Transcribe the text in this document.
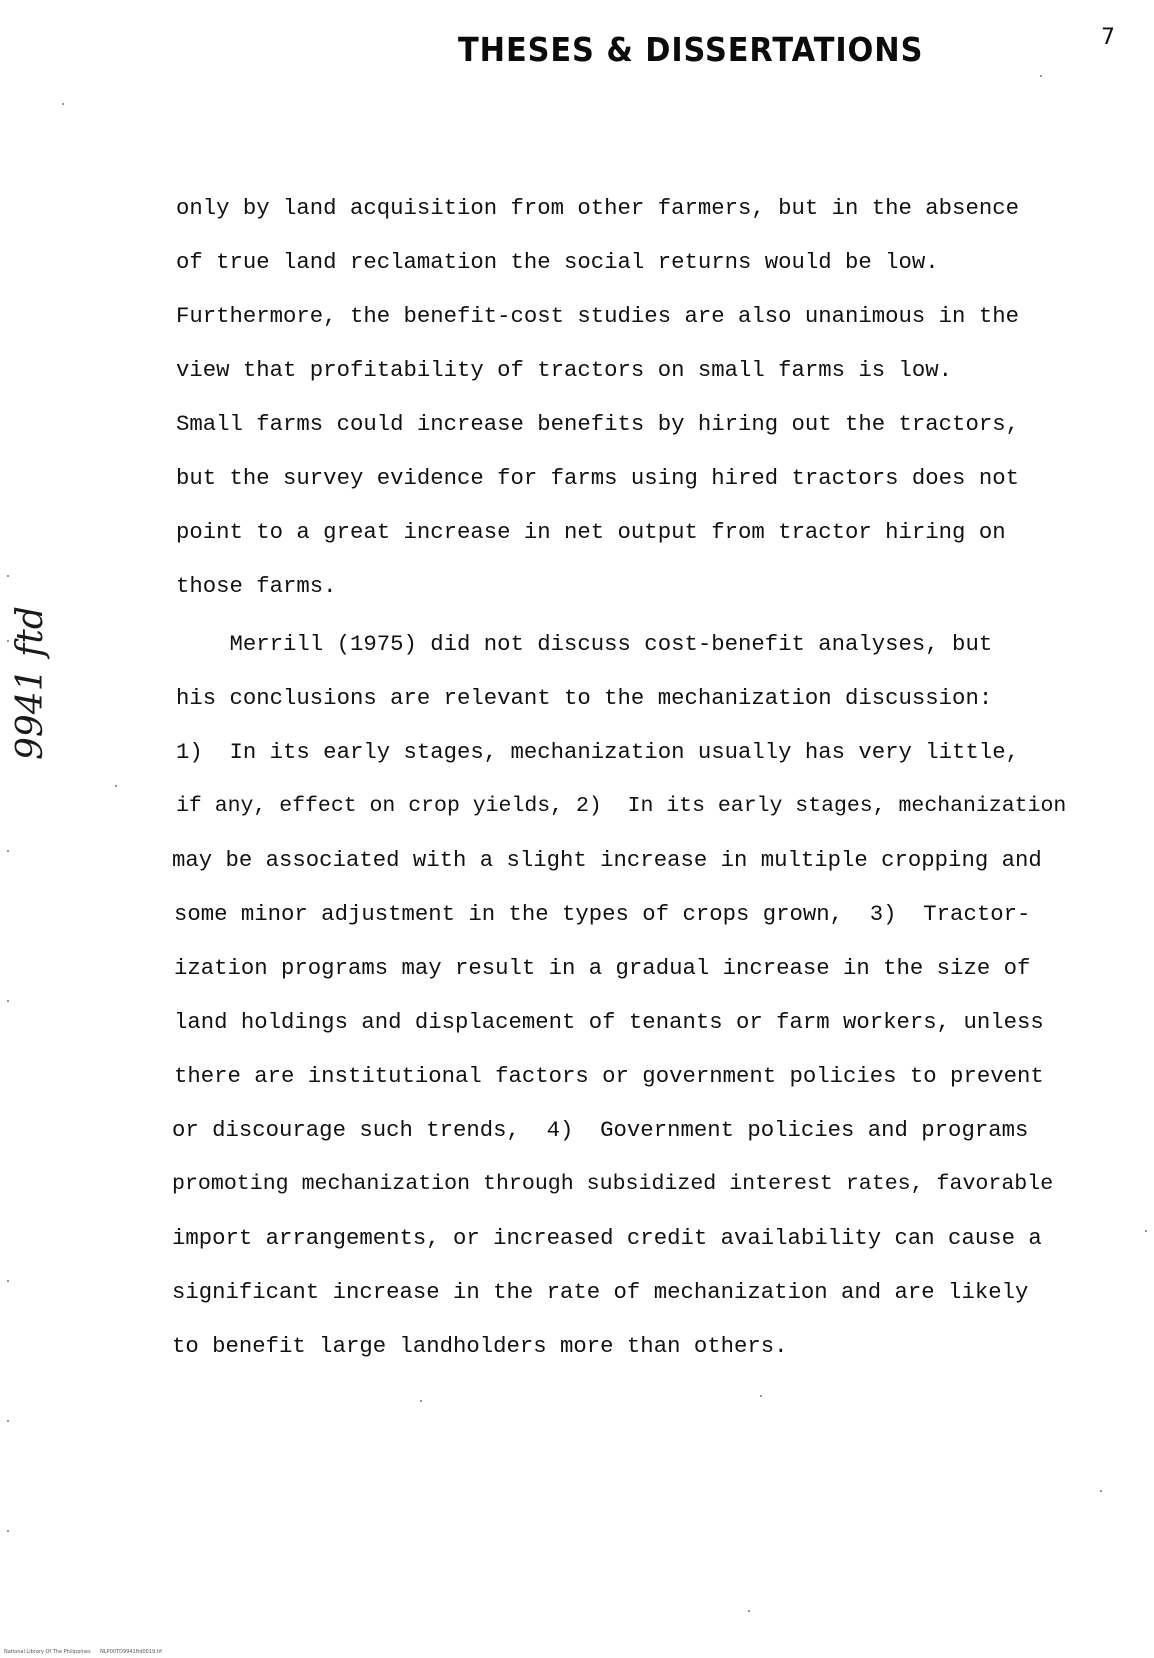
THESES & DISSERTATIONS	7
9941 ftd
only by land acquisition from other farmers, but in the absence
of true land reclamation the social returns would be low.
Furthermore, the benefit-cost studies are also unanimous in the
view that profitability of tractors on small farms is low.
Small farms could increase benefits by hiring out the tractors,
but the survey evidence for farms using hired tractors does not
point to a great increase in net output from tractor hiring on
those farms.
Merrill (1975) did not discuss cost-benefit analyses, but
his conclusions are relevant to the mechanization discussion:
1)  In its early stages, mechanization usually has very little,
if any, effect on crop yields, 2)  In its early stages, mechanization
may be associated with a slight increase in multiple cropping and
some minor adjustment in the types of crops grown,  3)  Tractor-
ization programs may result in a gradual increase in the size of
land holdings and displacement of tenants or farm workers, unless
there are institutional factors or government policies to prevent
or discourage such trends,  4)  Government policies and programs
promoting mechanization through subsidized interest rates, favorable
import arrangements, or increased credit availability can cause a
significant increase in the rate of mechanization and are likely
to benefit large landholders more than others.
National Library Of The Philippines NLP00TD9941ftd0019.tif
